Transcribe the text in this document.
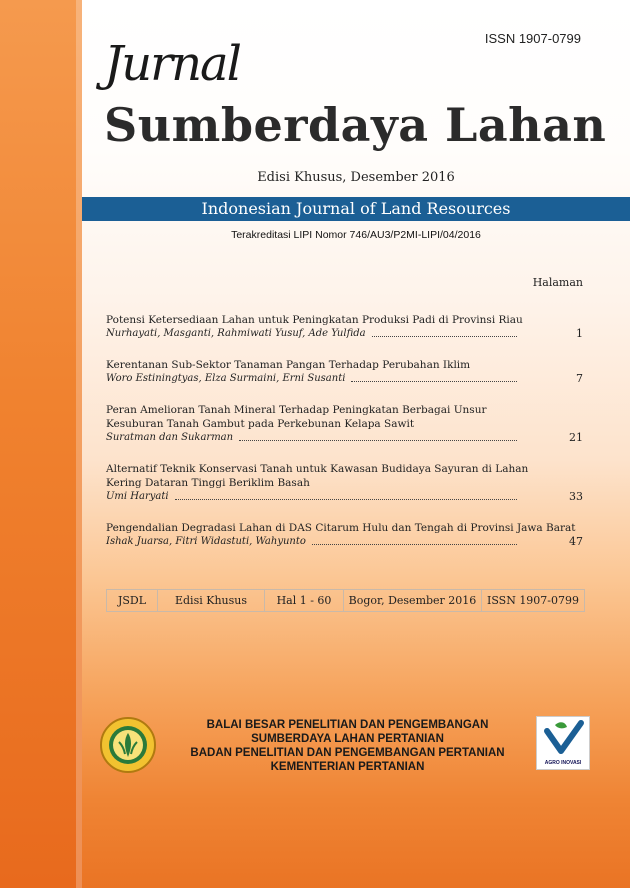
ISSN 1907-0799
Jurnal
Sumberdaya Lahan
Edisi Khusus, Desember 2016
Indonesian Journal of Land Resources
Terakreditasi LIPI Nomor 746/AU3/P2MI-LIPI/04/2016
Halaman
Potensi Ketersediaan Lahan untuk Peningkatan Produksi Padi di Provinsi Riau
Nurhayati, Masganti, Rahmiwati Yusuf, Ade Yulfida	1
Kerentanan Sub-Sektor Tanaman Pangan Terhadap Perubahan Iklim
Woro Estiningtyas, Elza Surmaini, Erni Susanti	7
Peran Amelioran Tanah Mineral Terhadap Peningkatan Berbagai Unsur Kesuburan Tanah Gambut pada Perkebunan Kelapa Sawit
Suratman dan Sukarman	21
Alternatif Teknik Konservasi Tanah untuk Kawasan Budidaya Sayuran di Lahan Kering Dataran Tinggi Beriklim Basah
Umi Haryati	33
Pengendalian Degradasi Lahan di DAS Citarum Hulu dan Tengah di Provinsi Jawa Barat
Ishak Juarsa, Fitri Widastuti, Wahyunto	47
JSDL	Edisi Khusus	Hal 1 - 60	Bogor, Desember 2016 ISSN 1907-0799
BALAI BESAR PENELITIAN DAN PENGEMBANGAN
SUMBERDAYA LAHAN PERTANIAN
BADAN PENELITIAN DAN PENGEMBANGAN PERTANIAN
KEMENTERIAN PERTANIAN	AGRO INOVASI
